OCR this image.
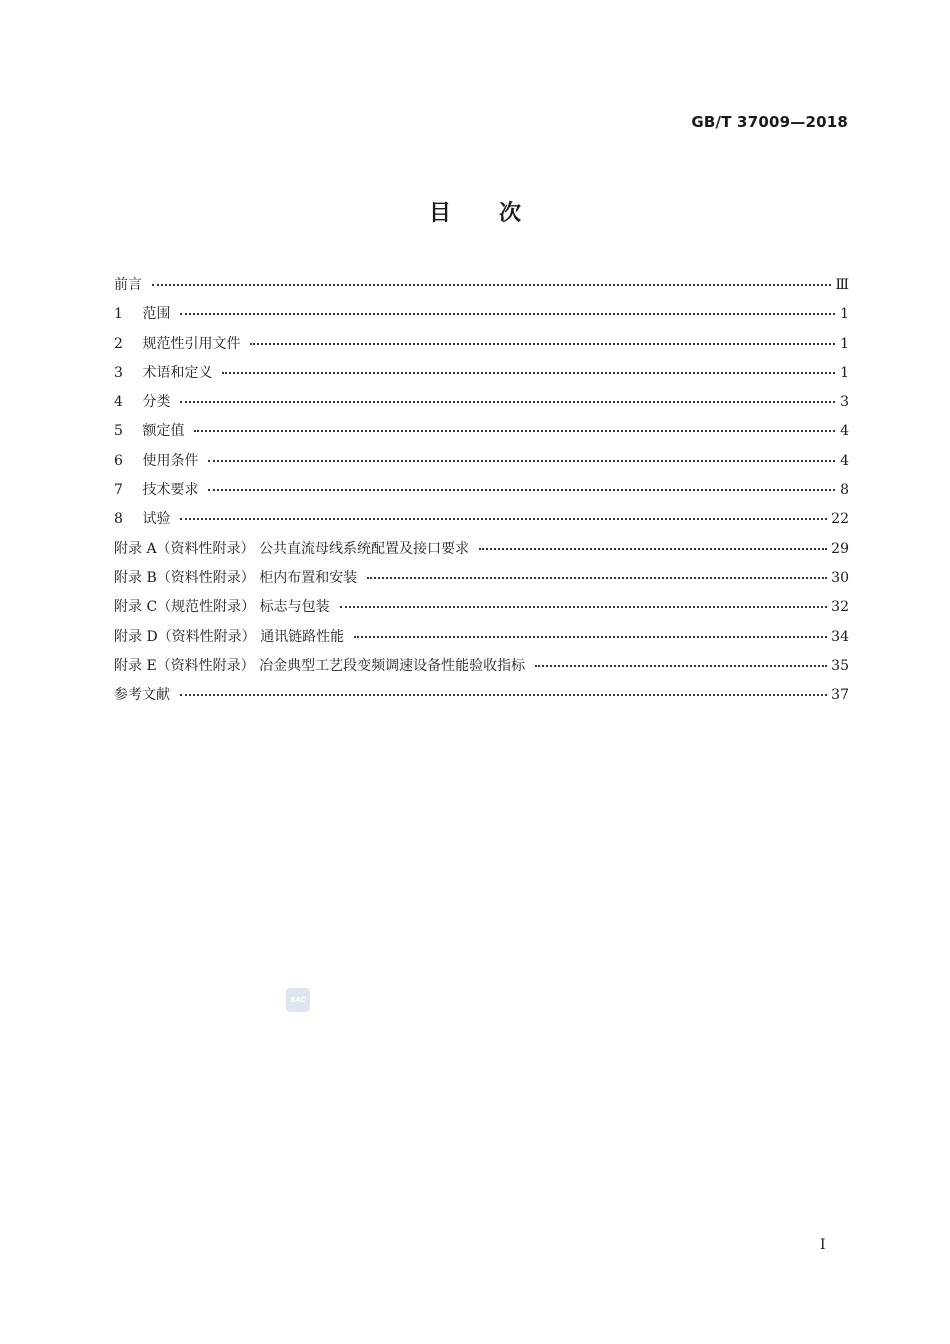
GB/T 37009—2018
目次
前言	Ⅲ
1 范围	1
2 规范性引用文件	1
3 术语和定义	1
4 分类	3
5 额定值	4
6 使用条件	4
7 技术要求	8
8 试验	22
附录 A（资料性附录） 公共直流母线系统配置及接口要求	29
附录 B（资料性附录） 柜内布置和安装	30
附录 C（规范性附录） 标志与包装	32
附录 D（资料性附录） 通讯链路性能	34
附录 E（资料性附录） 冶金典型工艺段变频调速设备性能验收指标	35
参考文献	37
SAC
I
